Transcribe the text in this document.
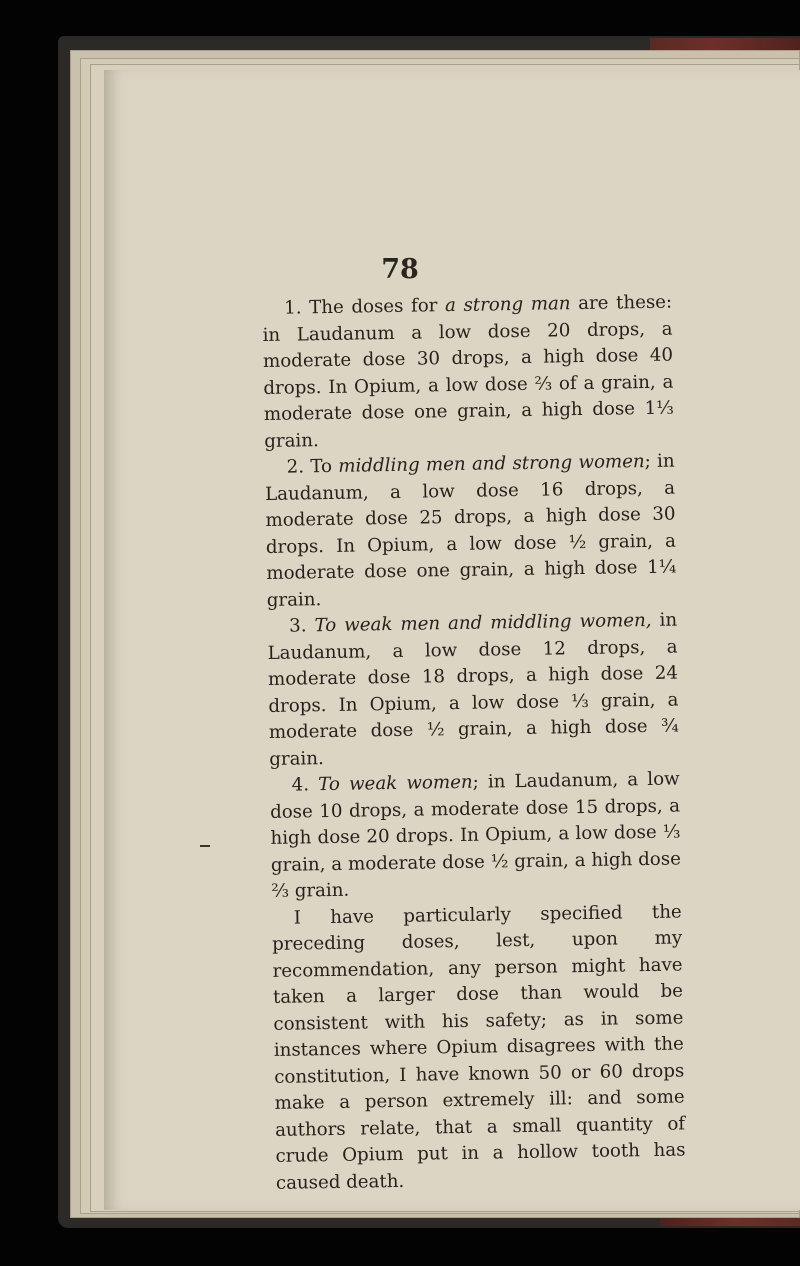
78

1. The doses for a strong man are these: in Laudanum a low dose 20 drops, a moderate dose 30 drops, a high dose 40 drops. In Opium, a low dose ⅔ of a grain, a moderate dose one grain, a high dose 1⅓ grain.

2. To middling men and strong women; in Laudanum, a low dose 16 drops, a moderate dose 25 drops, a high dose 30 drops. In Opium, a low dose ½ grain, a moderate dose one grain, a high dose 1¼ grain.

3. To weak men and middling women, in Laudanum, a low dose 12 drops, a moderate dose 18 drops, a high dose 24 drops. In Opium, a low dose ⅓ grain, a moderate dose ½ grain, a high dose ¾ grain.

4. To weak women; in Laudanum, a low dose 10 drops, a moderate dose 15 drops, a high dose 20 drops. In Opium, a low dose ⅓ grain, a moderate dose ½ grain, a high dose ⅔ grain.

I have particularly specified the preceding doses, lest, upon my recommendation, any person might have taken a larger dose than would be consistent with his safety; as in some instances where Opium disagrees with the constitution, I have known 50 or 60 drops make a person extremely ill: and some authors relate, that a small quantity of crude Opium put in a hollow tooth has caused death.
